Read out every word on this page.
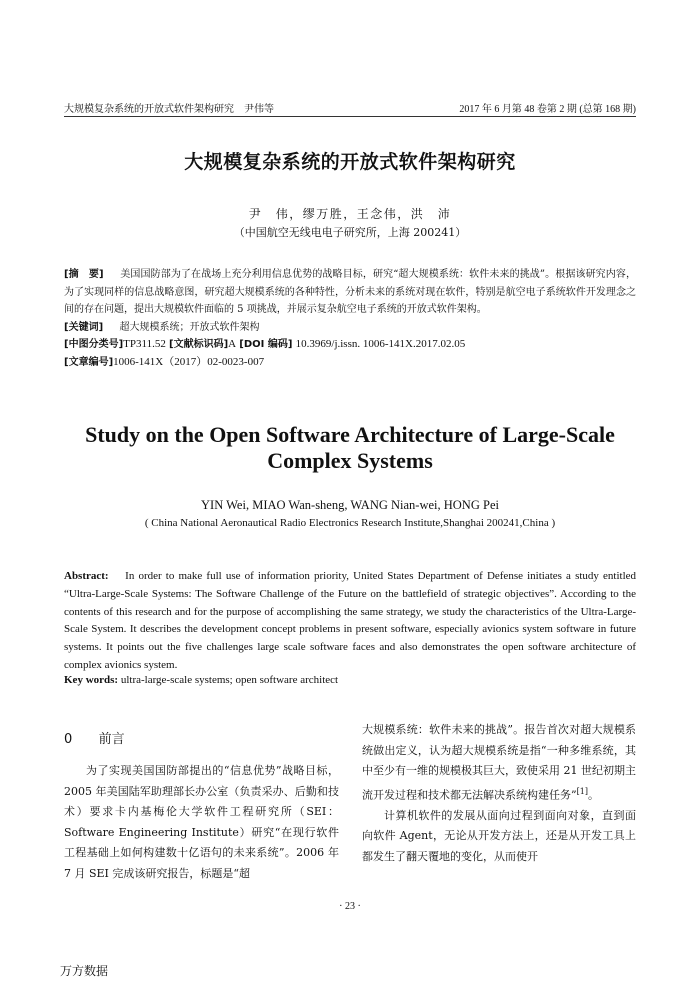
大规模复杂系统的开放式软件架构研究　尹伟等	2017 年 6 月第 48 卷第 2 期 (总第 168 期)
大规模复杂系统的开放式软件架构研究
尹　伟，缪万胜，王念伟，洪　沛
（中国航空无线电电子研究所，上海 200241）
[摘　要] 　 美国国防部为了在战场上充分利用信息优势的战略目标，研究“超大规模系统：软件未来的挑战”。根据该研究内容，为了实现同样的信息战略意图，研究超大规模系统的各种特性，分析未来的系统对现在软件，特别是航空电子系统软件开发理念之间的存在问题，提出大规模软件面临的 5 项挑战，并展示复杂航空电子系统的开放式软件架构。
[关键词] 　 超大规模系统；开放式软件架构
[中图分类号]TP311.52 [文献标识码]A [DOI 编码] 10.3969/j.issn. 1006-141X.2017.02.05
[文章编号]1006-141X（2017）02-0023-007
Study on the Open Software Architecture of Large-Scale
Complex Systems
YIN Wei, MIAO Wan-sheng, WANG Nian-wei, HONG Pei
( China National Aeronautical Radio Electronics Research Institute,Shanghai 200241,China )
Abstract: In order to make full use of information priority, United States Department of Defense initiates a study entitled “Ultra-Large-Scale Systems: The Software Challenge of the Future on the battlefield of strategic objectives”. According to the contents of this research and for the purpose of accomplishing the same strategy, we study the characteristics of the Ultra-Large-Scale System. It describes the development concept problems in present software, especially avionics system software in future systems. It points out the five challenges large scale software faces and also demonstrates the open software architecture of complex avionics system.
Key words: ultra-large-scale systems; open software architect
0 前言

为了实现美国国防部提出的“信息优势”战略目标，2005 年美国陆军助理部长办公室（负责采办、后勤和技术）要求卡内基梅伦大学软件工程研究所（SEI：Software Engineering Institute）研究“在现行软件工程基础上如何构建数十亿语句的未来系统”。2006 年 7 月 SEI 完成该研究报告，标题是“超

大规模系统：软件未来的挑战”。报告首次对超大规模系统做出定义，认为超大规模系统是指“一种多维系统，其中至少有一维的规模极其巨大，致使采用 21 世纪初期主流开发过程和技术都无法解决系统构建任务”[1]。

计算机软件的发展从面向过程到面向对象，直到面向软件 Agent，无论从开发方法上，还是从开发工具上都发生了翻天覆地的变化，从而使开

· 23 ·
万方数据
